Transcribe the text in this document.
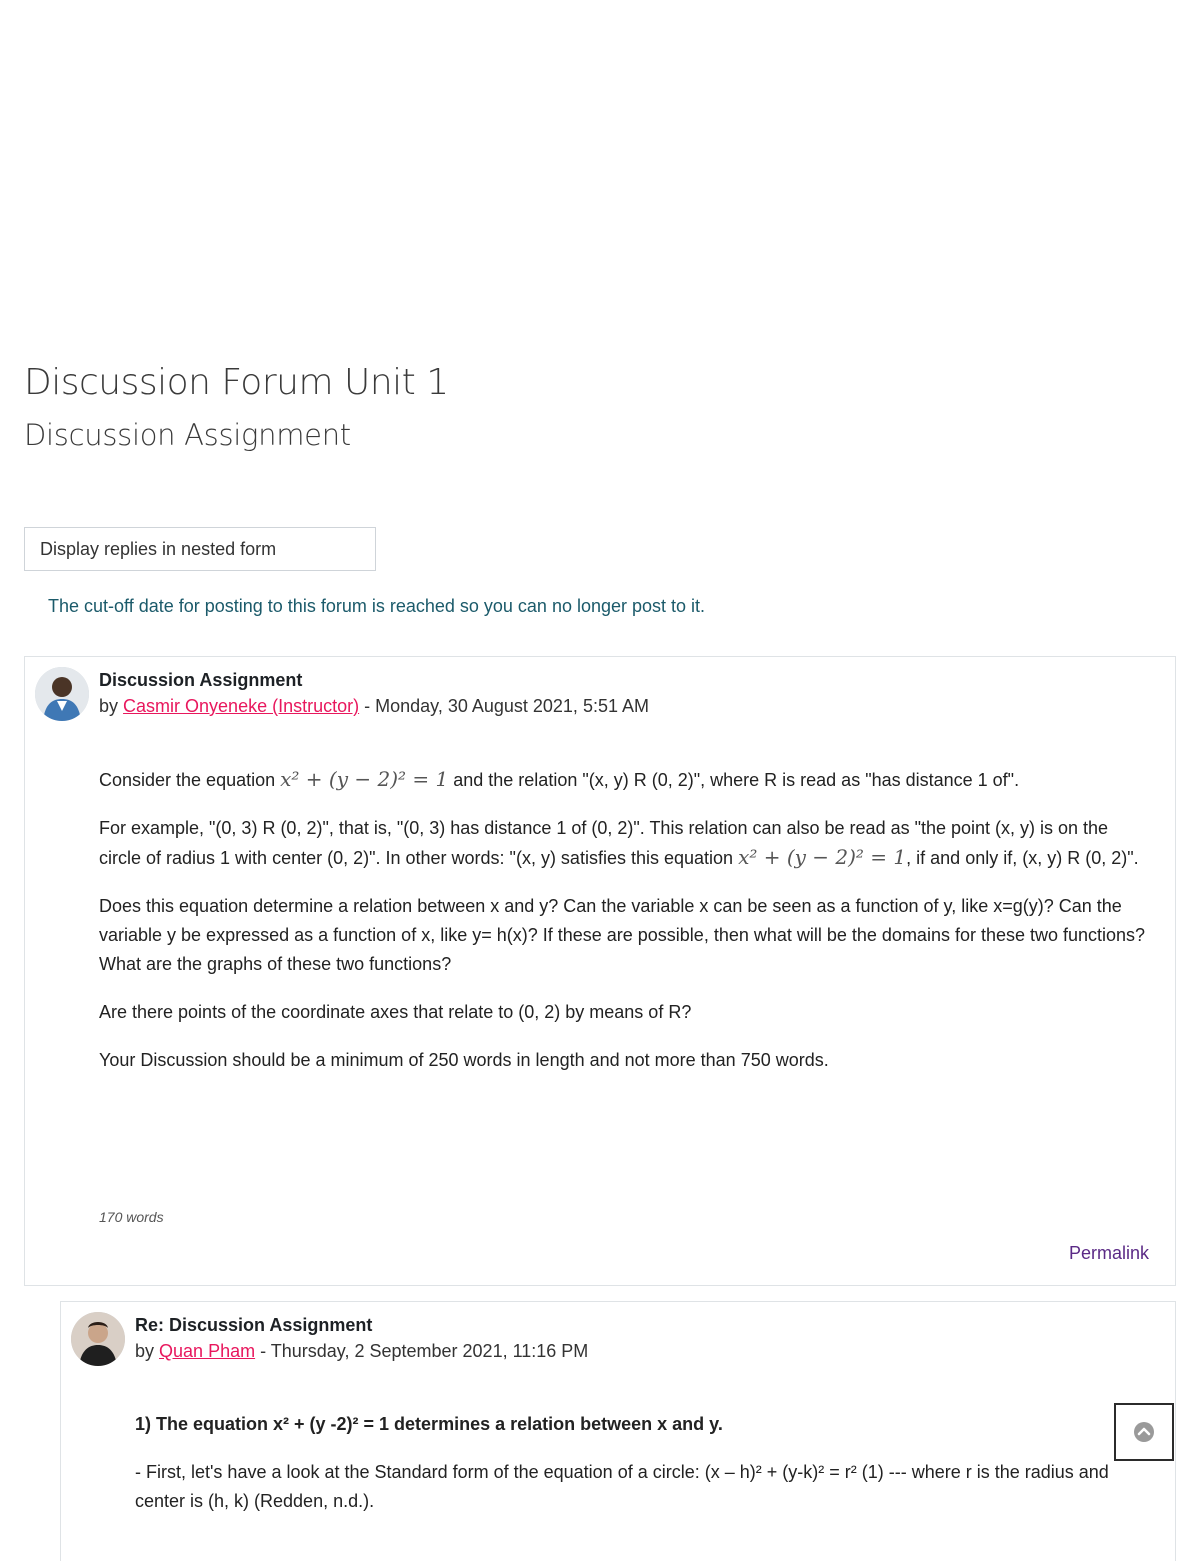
Discussion Forum Unit 1
Discussion Assignment
Display replies in nested form
The cut-off date for posting to this forum is reached so you can no longer post to it.
Discussion Assignment
by Casmir Onyeneke (Instructor) - Monday, 30 August 2021, 5:51 AM

Consider the equation x² + (y − 2)² = 1 and the relation "(x, y) R (0, 2)", where R is read as "has distance 1 of".

For example, "(0, 3) R (0, 2)", that is, "(0, 3) has distance 1 of (0, 2)". This relation can also be read as "the point (x, y) is on the circle of radius 1 with center (0, 2)". In other words: "(x, y) satisfies this equation x² + (y − 2)² = 1, if and only if, (x, y) R (0, 2)".

Does this equation determine a relation between x and y? Can the variable x can be seen as a function of y, like x=g(y)? Can the variable y be expressed as a function of x, like y= h(x)? If these are possible, then what will be the domains for these two functions? What are the graphs of these two functions?

Are there points of the coordinate axes that relate to (0, 2) by means of R?

Your Discussion should be a minimum of 250 words in length and not more than 750 words.

170 words
Permalink
Re: Discussion Assignment
by Quan Pham - Thursday, 2 September 2021, 11:16 PM

1) The equation x² + (y -2)² = 1 determines a relation between x and y.

- First, let's have a look at the Standard form of the equation of a circle: (x – h)² + (y-k)² = r² (1) --- where r is the radius and center is (h, k) (Redden, n.d.).
